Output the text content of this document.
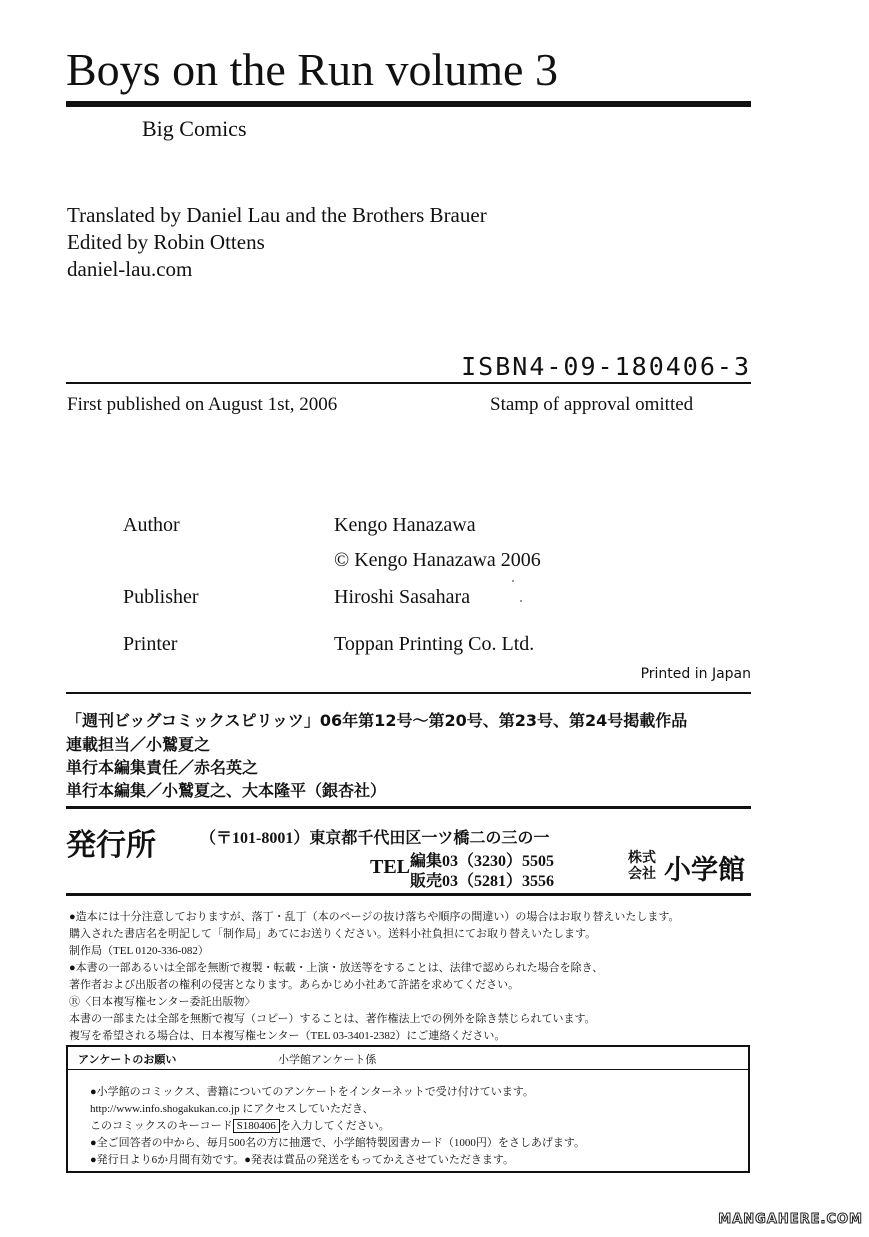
Boys on the Run volume 3
Big Comics
Translated by Daniel Lau and the Brothers Brauer
Edited by Robin Ottens
daniel-lau.com
ISBN4-09-180406-3
First published on August 1st, 2006	Stamp of approval omitted
Author	Kengo Hanazawa
© Kengo Hanazawa 2006
Publisher	Hiroshi Sasahara
Printer	Toppan Printing Co. Ltd.
Printed in Japan
「週刊ビッグコミックスピリッツ」06年第12号〜第20号、第23号、第24号掲載作品
連載担当／小鷲夏之
単行本編集責任／赤名英之
単行本編集／小鷲夏之、大本隆平（銀杏社）
発行所	（〒101-8001）東京都千代田区一ツ橋二の三の一
TEL 編集03（3230）5505
販売03（5281）3556
株式
会社 小学館
●造本には十分注意しておりますが、落丁・乱丁（本のページの抜け落ちや順序の間違い）の場合はお取り替えいたします。
購入された書店名を明記して「制作局」あてにお送りください。送料小社負担にてお取り替えいたします。
制作局（TEL 0120-336-082）
●本書の一部あるいは全部を無断で複製・転載・上演・放送等をすることは、法律で認められた場合を除き、
著作者および出版者の権利の侵害となります。あらかじめ小社あて許諾を求めてください。
Ⓡ〈日本複写権センター委託出版物〉
本書の一部または全部を無断で複写（コピー）することは、著作権法上での例外を除き禁じられています。
複写を希望される場合は、日本複写権センター（TEL 03-3401-2382）にご連絡ください。
アンケートのお願い	小学館アンケート係
●小学館のコミックス、書籍についてのアンケートをインターネットで受け付けています。
http://www.info.shogakukan.co.jp にアクセスしていただき、
このコミックスのキーコード S180406 を入力してください。
●全ご回答者の中から、毎月500名の方に抽選で、小学館特製図書カード（1000円）をさしあげます。
●発行日より6か月間有効です。●発表は賞品の発送をもってかえさせていただきます。
MANGAHERE.COM
